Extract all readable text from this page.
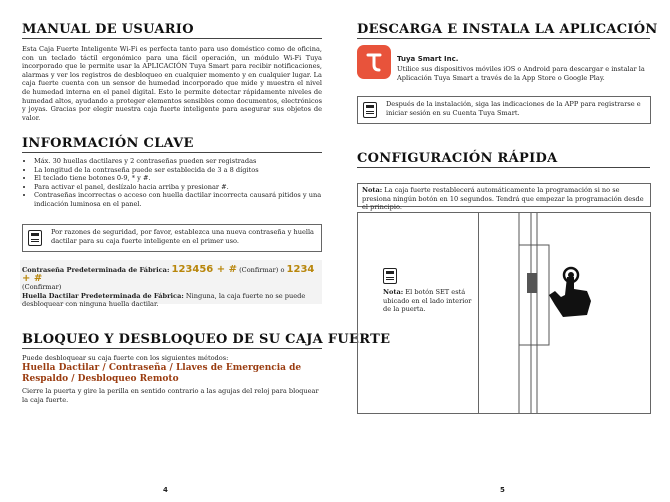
MANUAL DE USUARIO

Esta Caja Fuerte Inteligente Wi-Fi es perfecta tanto para uso doméstico como de oficina, con un teclado táctil ergonómico para una fácil operación, un módulo Wi-Fi Tuya incorporado que le permite usar la APLICACIÓN Tuya Smart para recibir notificaciones, alarmas y ver los registros de desbloqueo en cualquier momento y en cualquier lugar. La caja fuerte cuenta con un sensor de humedad incorporado que mide y muestra el nivel de humedad interna en el panel digital. Esto le permite detectar rápidamente niveles de humedad altos, ayudando a proteger elementos sensibles como documentos, electrónicos y joyas. Gracias por elegir nuestra caja fuerte inteligente para asegurar sus objetos de valor.

INFORMACIÓN CLAVE
• Máx. 30 huellas dactilares y 2 contraseñas pueden ser registradas
• La longitud de la contraseña puede ser establecida de 3 a 8 dígitos
• El teclado tiene botones 0-9, * y #.
• Para activar el panel, deslízalo hacia arriba y presionar #.
• Contraseñas incorrectas o acceso con huella dactilar incorrecta causará pitidos y una indicación luminosa en el panel.

Por razones de seguridad, por favor, establezca una nueva contraseña y huella dactilar para su caja fuerte inteligente en el primer uso.

Contraseña Predeterminada de Fábrica: 123456 + # (Confirmar) o 1234 + #
(Confirmar)
Huella Dactilar Predeterminada de Fábrica: Ninguna, la caja fuerte no se puede desbloquear con ninguna huella dactilar.
BLOQUEO Y DESBLOQUEO DE SU CAJA FUERTE

Puede desbloquear su caja fuerte con los siguientes métodos:

Huella Dactilar / Contraseña / Llaves de Emergencia de Respaldo / Desbloqueo Remoto

Cierre la puerta y gire la perilla en sentido contrario a las agujas del reloj para bloquear la caja fuerte.

4
DESCARGA E INSTALA LA APLICACIÓN
Tuya Smart Inc.

Utilice sus dispositivos móviles iOS o Android para descargar e instalar la Aplicación Tuya Smart a través de la App Store o Google Play.

Después de la instalación, siga las indicaciones de la APP para registrarse e iniciar sesión en su Cuenta Tuya Smart.

CONFIGURACIÓN RÁPIDA

Nota: La caja fuerte restablecerá automáticamente la programación si no se presiona ningún botón en 10 segundos. Tendrá que empezar la programación desde el principio.

Nota: El botón SET está ubicado en el lado interior de la puerta.

5
